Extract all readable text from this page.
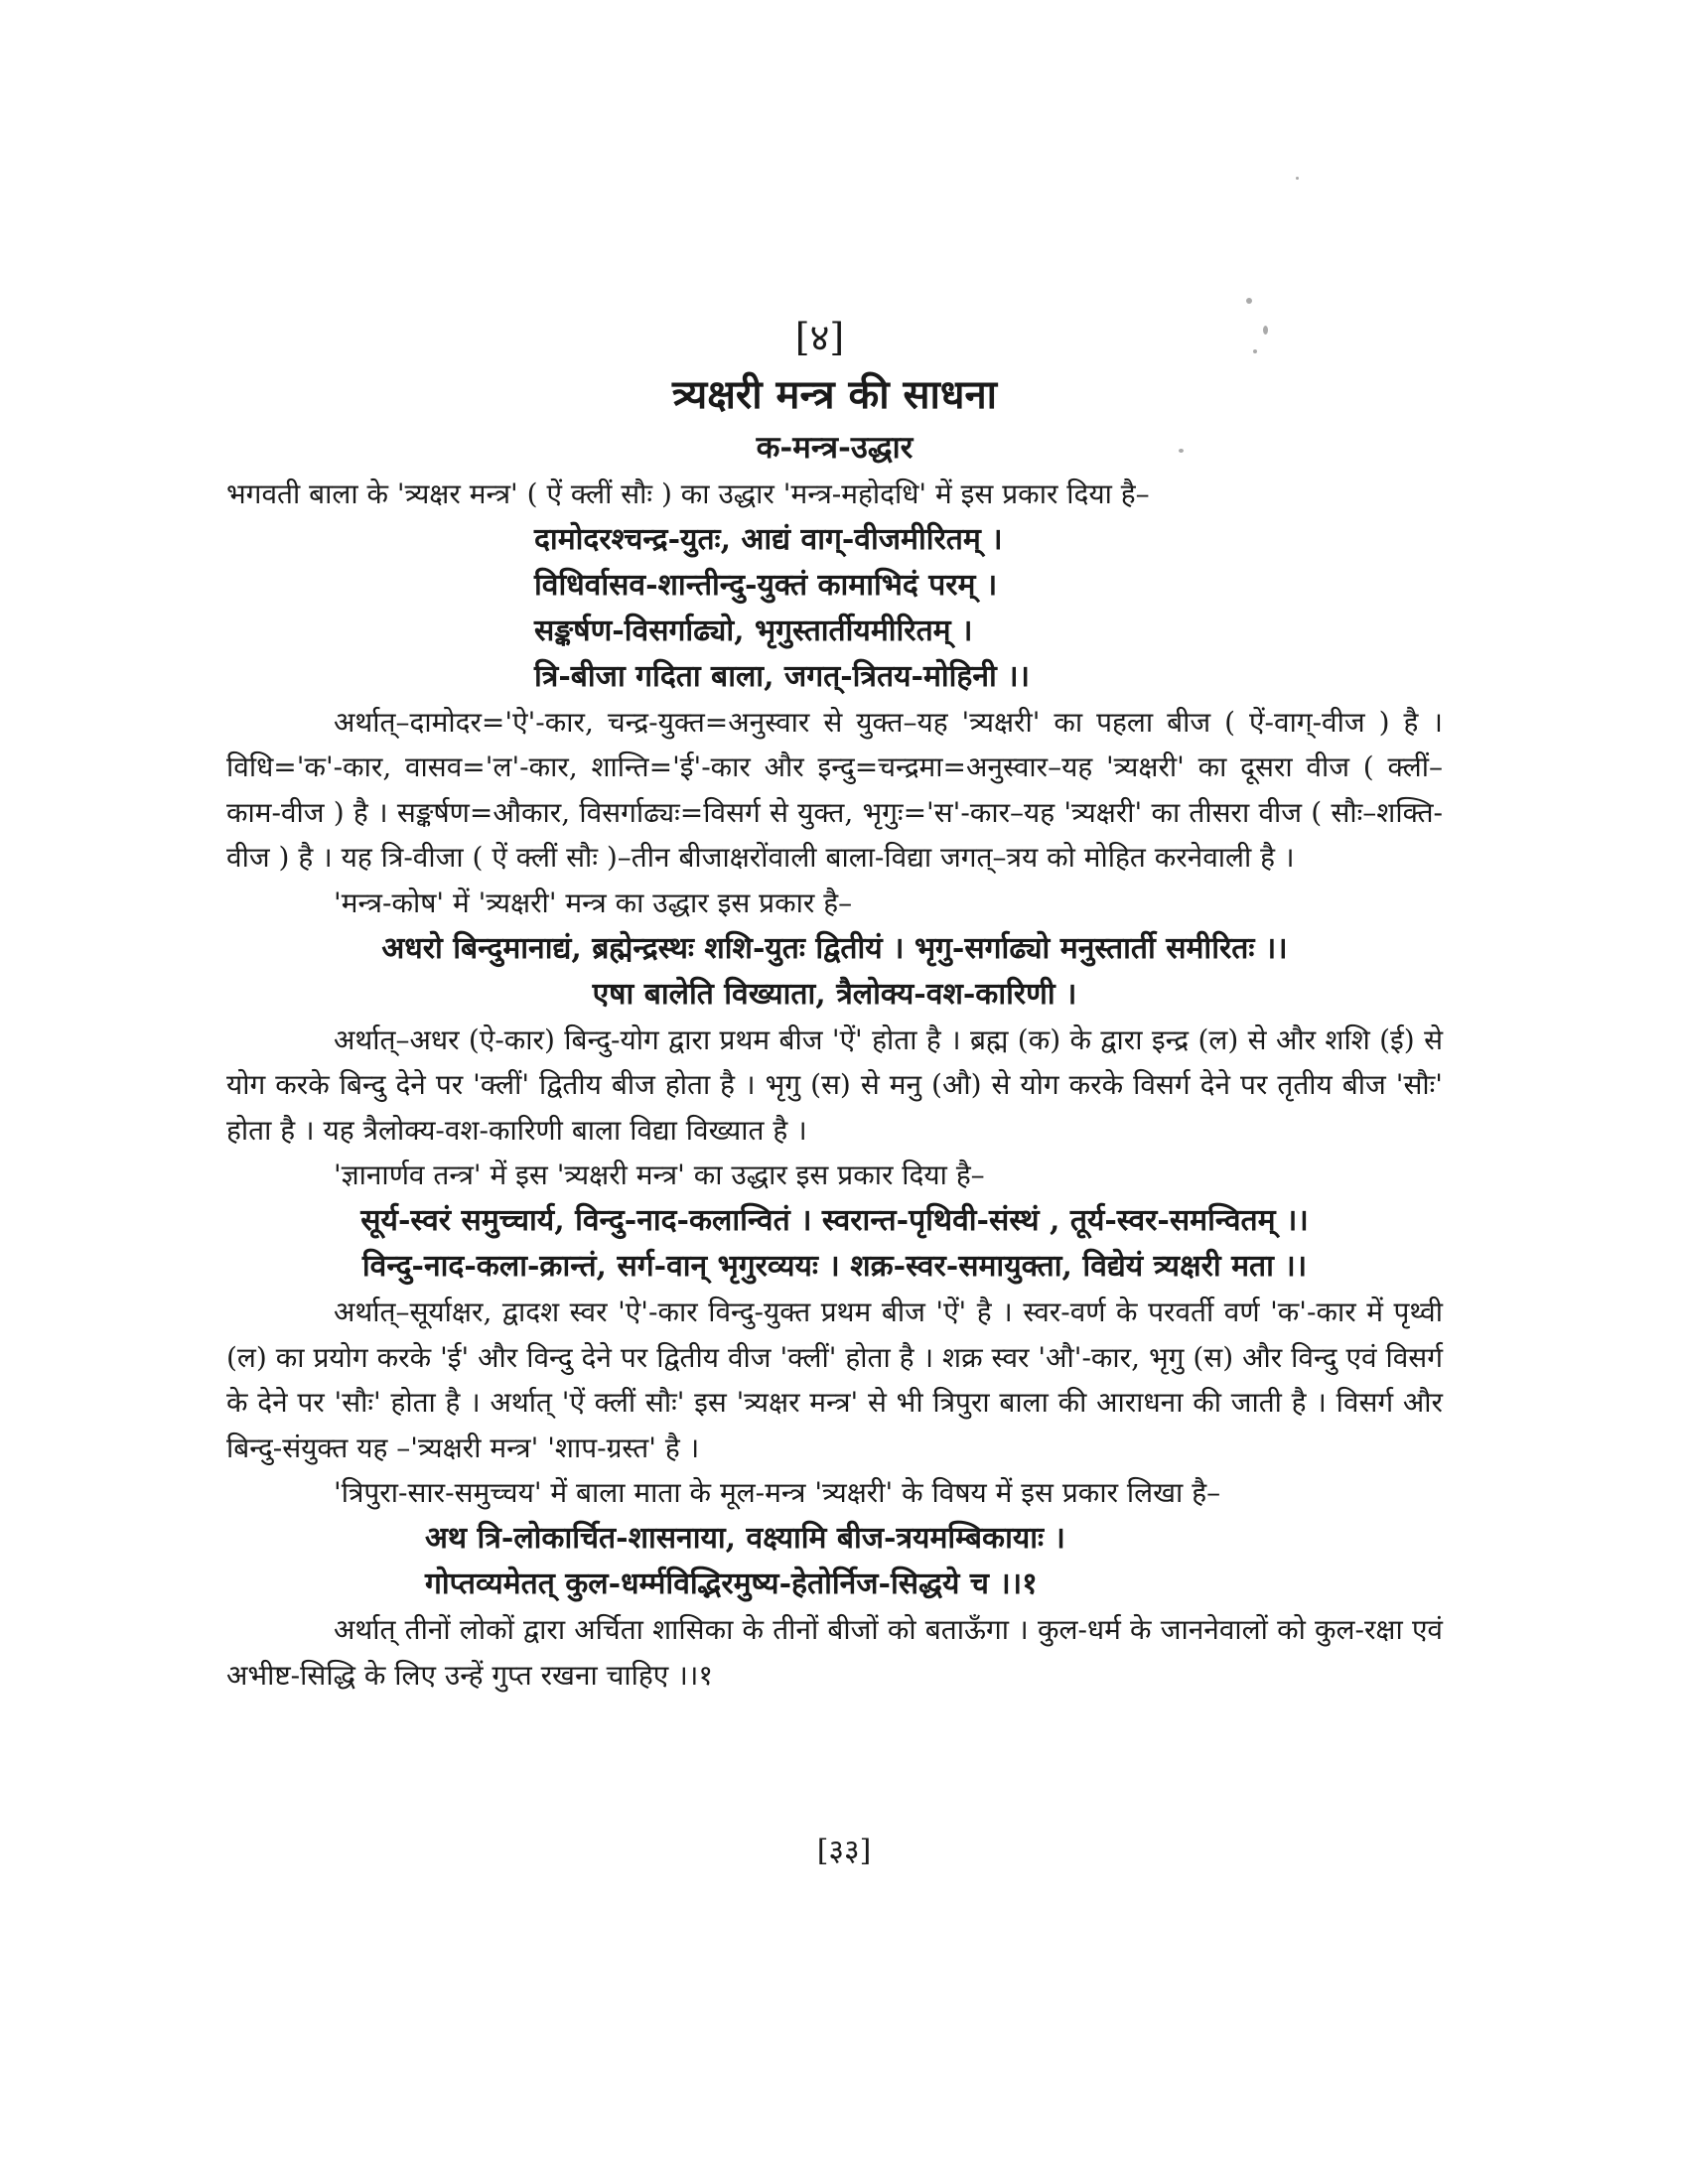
[४]
त्र्यक्षरी मन्त्र की साधना
क-मन्त्र-उद्धार

भगवती बाला के 'त्र्यक्षर मन्त्र' ( ऐं क्लीं सौः ) का उद्धार 'मन्त्र-महोदधि' में इस प्रकार दिया है–

दामोदरश्चन्द्र-युतः, आद्यं वाग्-वीजमीरितम् ।
विधिर्वासव-शान्तीन्दु-युक्तं कामाभिदं परम् ।
सङ्कर्षण-विसर्गाढ्यो, भृगुस्तार्तीयमीरितम् ।
त्रि-बीजा गदिता बाला, जगत्-त्रितय-मोहिनी ।।

अर्थात्–दामोदर='ऐ'-कार, चन्द्र-युक्त=अनुस्वार से युक्त–यह 'त्र्यक्षरी' का पहला बीज ( ऐं-वाग्-वीज ) है । विधि='क'-कार, वासव='ल'-कार, शान्ति='ई'-कार और इन्दु=चन्द्रमा=अनुस्वार–यह 'त्र्यक्षरी' का दूसरा वीज ( क्लीं–काम-वीज ) है । सङ्कर्षण=औकार, विसर्गाढ्यः=विसर्ग से युक्त, भृगुः='स'-कार–यह 'त्र्यक्षरी' का तीसरा वीज ( सौः–शक्ति-वीज ) है । यह त्रि-वीजा ( ऐं क्लीं सौः )–तीन बीजाक्षरोंवाली बाला-विद्या जगत्–त्रय को मोहित करनेवाली है ।

'मन्त्र-कोष' में 'त्र्यक्षरी' मन्त्र का उद्धार इस प्रकार है–

अधरो बिन्दुमानाद्यं, ब्रह्मेन्द्रस्थः शशि-युतः द्वितीयं । भृगु-सर्गाढ्यो मनुस्तार्ती समीरितः ।।
एषा बालेति विख्याता, त्रैलोक्य-वश-कारिणी ।

अर्थात्–अधर (ऐ-कार) बिन्दु-योग द्वारा प्रथम बीज 'ऐं' होता है । ब्रह्म (क) के द्वारा इन्द्र (ल) से और शशि (ई) से योग करके बिन्दु देने पर 'क्लीं' द्वितीय बीज होता है । भृगु (स) से मनु (औ) से योग करके विसर्ग देने पर तृतीय बीज 'सौः' होता है । यह त्रैलोक्य-वश-कारिणी बाला विद्या विख्यात है ।

'ज्ञानार्णव तन्त्र' में इस 'त्र्यक्षरी मन्त्र' का उद्धार इस प्रकार दिया है–

सूर्य-स्वरं समुच्चार्य, विन्दु-नाद-कलान्वितं । स्वरान्त-पृथिवी-संस्थं , तूर्य-स्वर-समन्वितम् ।।
विन्दु-नाद-कला-क्रान्तं, सर्ग-वान् भृगुरव्ययः । शक्र-स्वर-समायुक्ता, विद्येयं त्र्यक्षरी मता ।।

अर्थात्–सूर्याक्षर, द्वादश स्वर 'ऐ'-कार विन्दु-युक्त प्रथम बीज 'ऐं' है । स्वर-वर्ण के परवर्ती वर्ण 'क'-कार में पृथ्वी (ल) का प्रयोग करके 'ई' और विन्दु देने पर द्वितीय वीज 'क्लीं' होता है । शक्र स्वर 'औ'-कार, भृगु (स) और विन्दु एवं विसर्ग के देने पर 'सौः' होता है । अर्थात् 'ऐं क्लीं सौः' इस 'त्र्यक्षर मन्त्र' से भी त्रिपुरा बाला की आराधना की जाती है । विसर्ग और बिन्दु-संयुक्त यह –'त्र्यक्षरी मन्त्र' 'शाप-ग्रस्त' है ।

'त्रिपुरा-सार-समुच्चय' में बाला माता के मूल-मन्त्र 'त्र्यक्षरी' के विषय में इस प्रकार लिखा है–

अथ त्रि-लोकार्चित-शासनाया, वक्ष्यामि बीज-त्रयमम्बिकायाः ।
गोप्तव्यमेतत् कुल-धर्म्मविद्भिरमुष्य-हेतोर्निज-सिद्धये च ।।१

अर्थात् तीनों लोकों द्वारा अर्चिता शासिका के तीनों बीजों को बताऊँगा । कुल-धर्म के जाननेवालों को कुल-रक्षा एवं अभीष्ट-सिद्धि के लिए उन्हें गुप्त रखना चाहिए ।।१

[३३]
